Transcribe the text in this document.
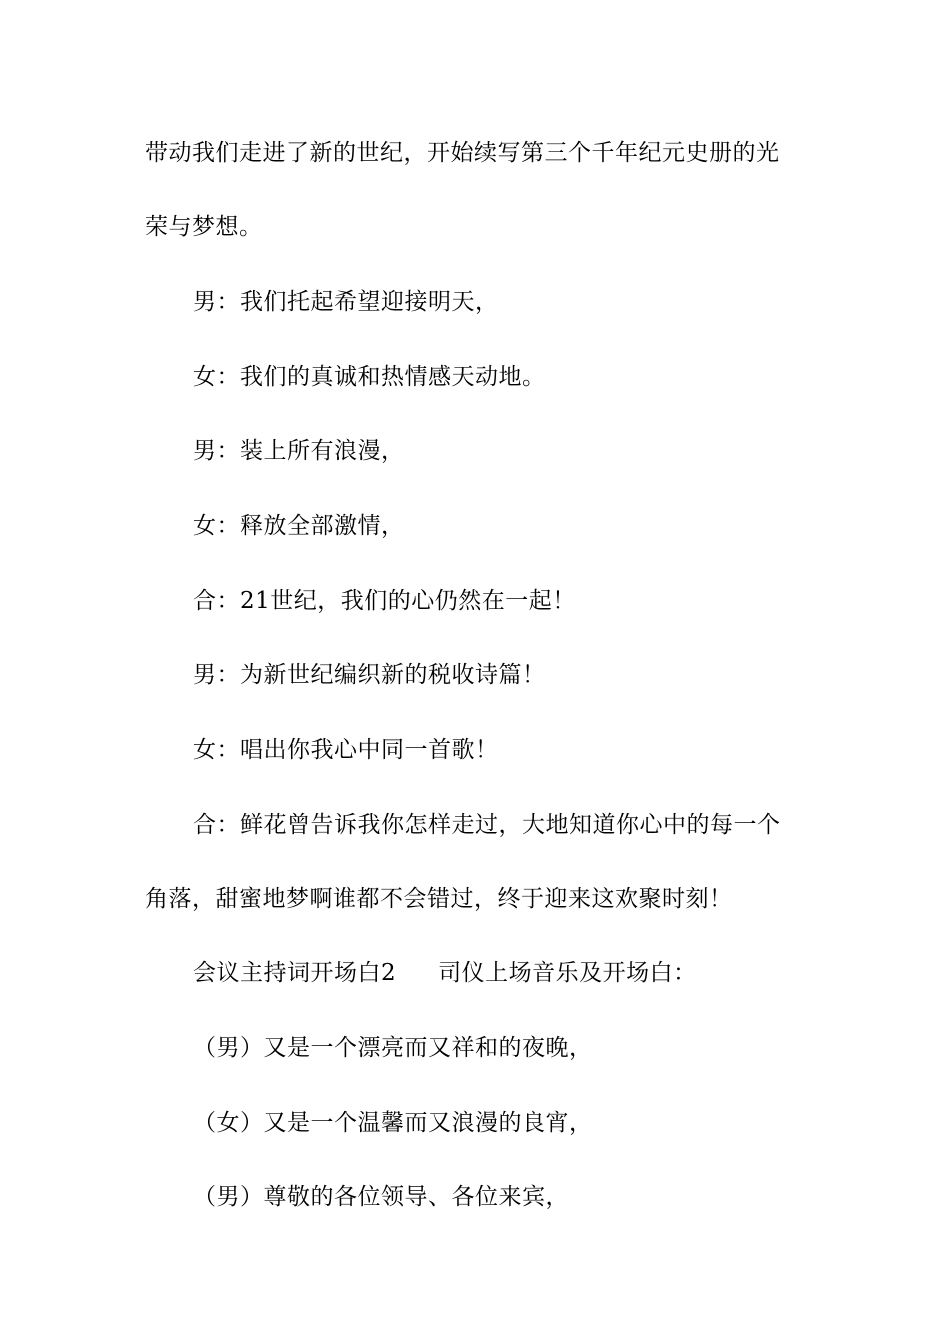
带动我们走进了新的世纪，开始续写第三个千年纪元史册的光
荣与梦想。
男：我们托起希望迎接明天，
女：我们的真诚和热情感天动地。
男：装上所有浪漫，
女：释放全部激情，
合：21世纪，我们的心仍然在一起！
男：为新世纪编织新的税收诗篇！
女：唱出你我心中同一首歌！
合：鲜花曾告诉我你怎样走过，大地知道你心中的每一个
角落，甜蜜地梦啊谁都不会错过，终于迎来这欢聚时刻！
会议主持词开场白2 司仪上场音乐及开场白：
（男）又是一个漂亮而又祥和的夜晚，
（女）又是一个温馨而又浪漫的良宵，
（男）尊敬的各位领导、各位来宾，
